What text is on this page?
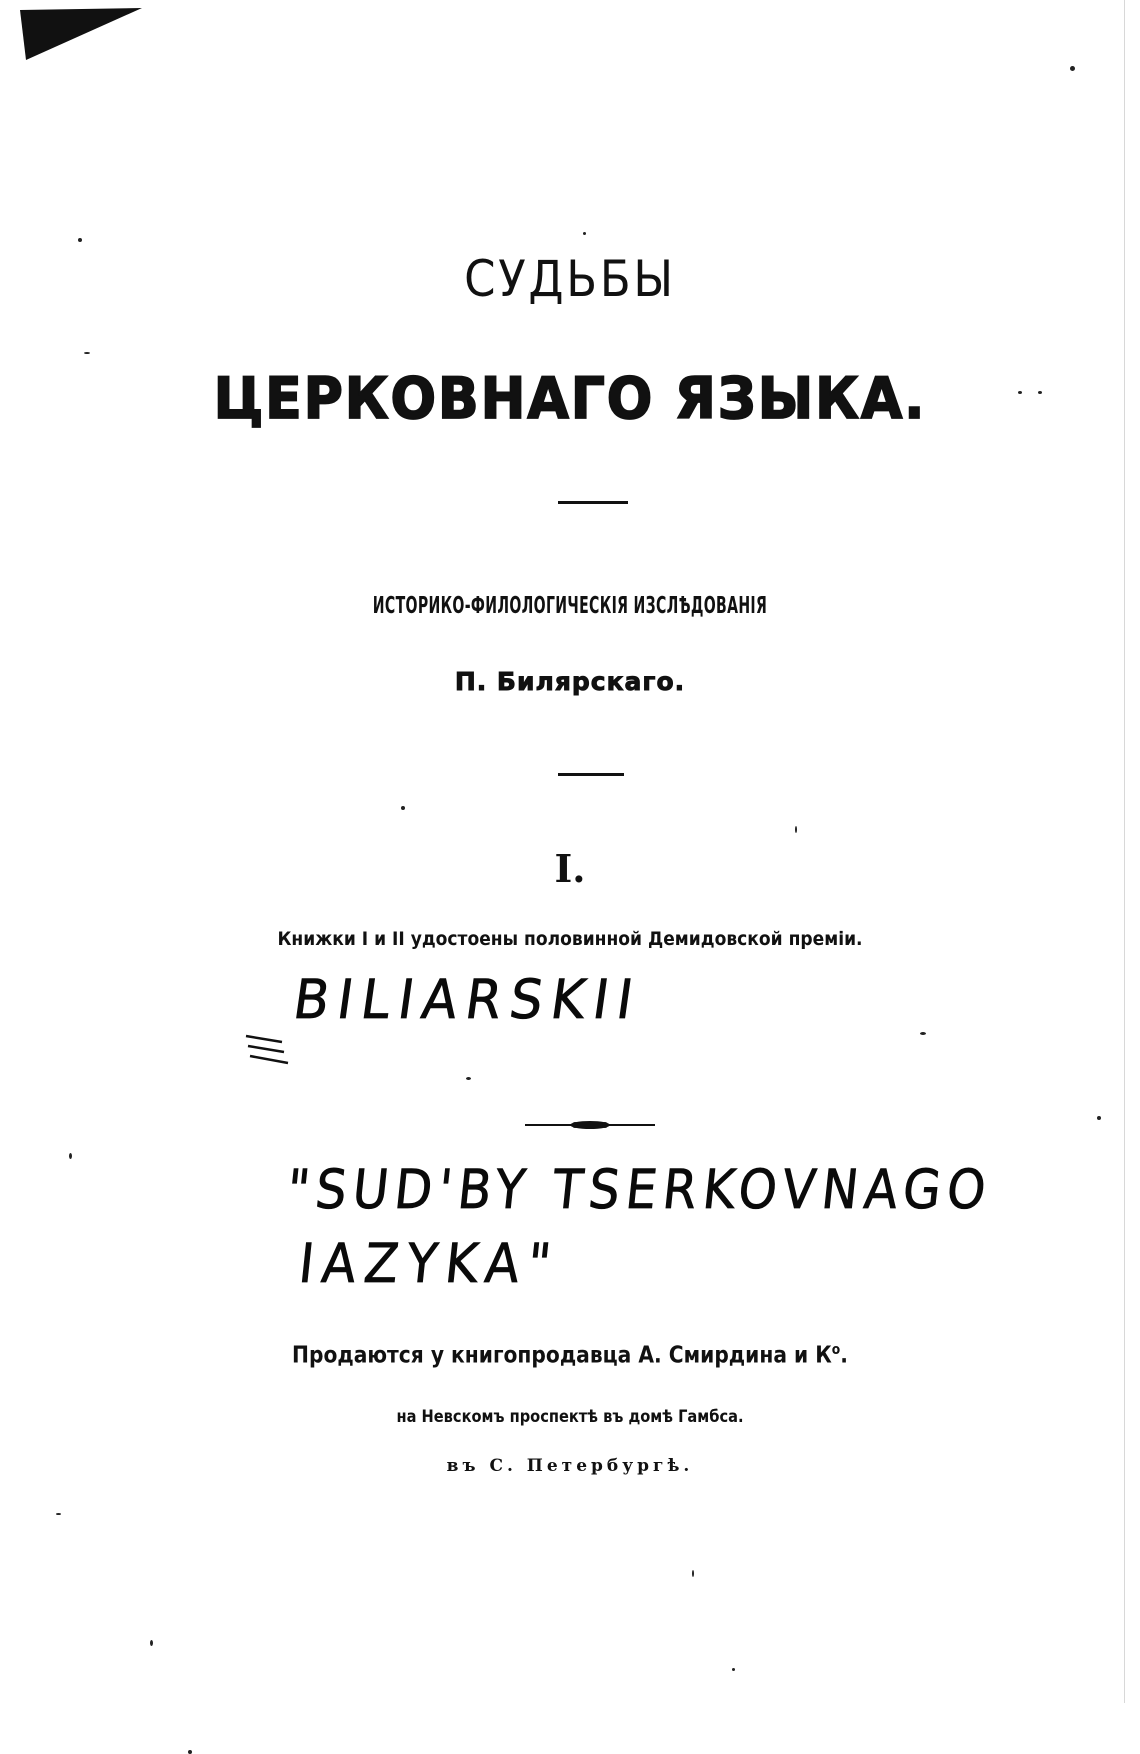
СУДЬБЫ
ЦЕРКОВНАГО ЯЗЫКА.
ИСТОРИКО-ФИЛОЛОГИЧЕСКІЯ ИЗСЛѢДОВАНІЯ
П. Билярскаго.
I.
Книжки I и II удостоены половинной Демидовской преміи.
BILIARSKII
"SUD'BY TSERKOVNAGO
IAZYKA"
Продаются у книгопродавца А. Смирдина и $К^о$.
на Невскомъ проспектѣ въ домѣ Гамбса.
въ С. Петербургѣ.
